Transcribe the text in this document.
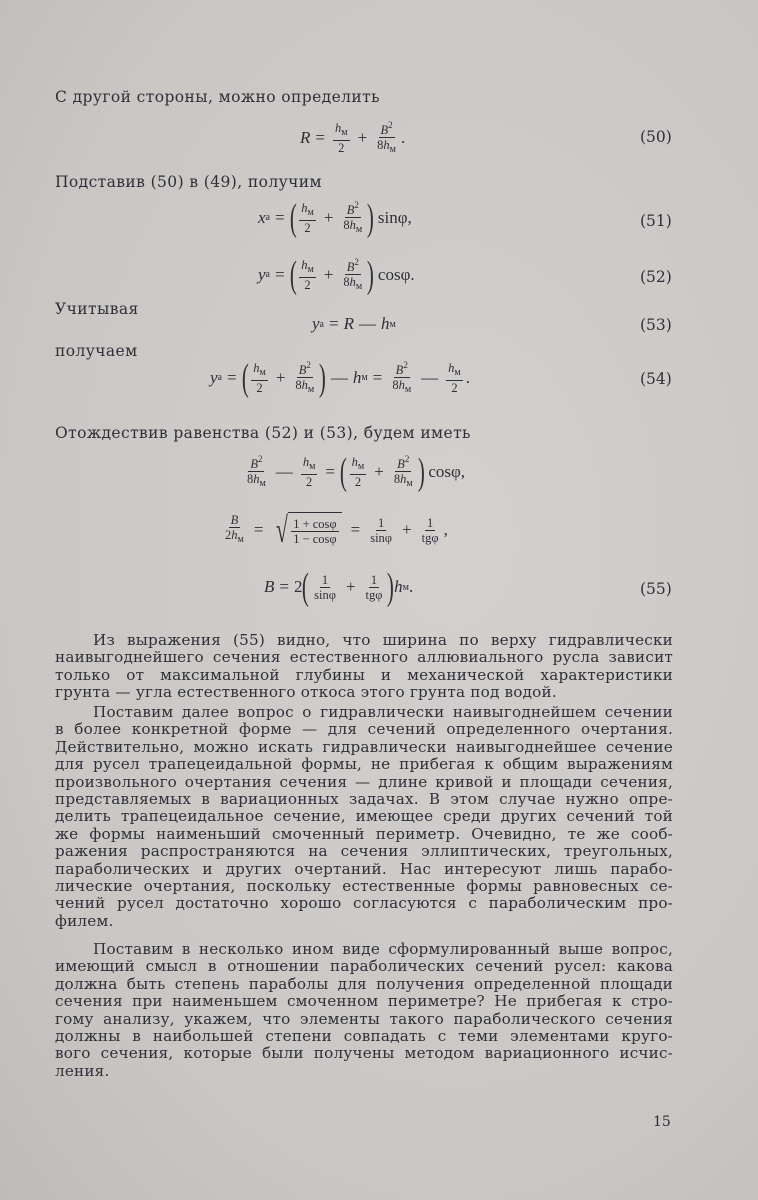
С другой стороны, можно определить
$R = \frac{h_м}{2} + \frac{B^2}{8h_м}$ .	(50)
Подставив (50) в (49), получим
x a = ( $\frac{h_м}{2} + \frac{B^2}{8h_м}$ ) sinφ,	(51)
y a = ( $\frac{h_м}{2} + \frac{B^2}{8h_м}$ ) cosφ.	(52)
Учитывая
y a = R — h м	(53)
получаем
y a = ( $\frac{h_м}{2} + \frac{B^2}{8h_м}$ ) — h $м = \frac{B^2}{8h_м}$ — $\frac{h_м}{2}$ .	(54)
Отождествив равенства (52) и (53), будем иметь
$\frac{B^2}{8h_м}$ — $\frac{h_м}{2}$ = ( $\frac{h_м}{2} + \frac{B^2}{8h_м}$ ) cosφ,
$\frac{B}{2h_м}$ = √ $\frac{1 + \cos\varphi}{1 - \cos\varphi} = \frac{1}{\sin\varphi} + \frac{1}{\text{tgφ}}$ ,
B = 2 ( $\frac{1}{\sin\varphi} + \frac{1}{\text{tgφ}}$ ) h м .	(55)
Из выражения (55) видно, что ширина по верху гидравлически
наивыгоднейшего сечения естественного аллювиального русла зависит
только от максимальной глубины и механической характеристики
грунта — угла естественного откоса этого грунта под водой.
Поставим далее вопрос о гидравлически наивыгоднейшем сечении
в более конкретной форме — для сечений определенного очертания.
Действительно, можно искать гидравлически наивыгоднейшее сечение
для русел трапецеидальной формы, не прибегая к общим выражениям
произвольного очертания сечения — длине кривой и площади сечения,
представляемых в вариационных задачах. В этом случае нужно опре-
делить трапецеидальное сечение, имеющее среди других сечений той
же формы наименьший смоченный периметр. Очевидно, те же сооб-
ражения распространяются на сечения эллиптических, треугольных,
параболических и других очертаний. Нас интересуют лишь парабо-
лические очертания, поскольку естественные формы равновесных се-
чений русел достаточно хорошо согласуются с параболическим про-
филем.
Поставим в несколько ином виде сформулированный выше вопрос,
имеющий смысл в отношении параболических сечений русел: какова
должна быть степень параболы для получения определенной площади
сечения при наименьшем смоченном периметре? Не прибегая к стро-
гому анализу, укажем, что элементы такого параболического сечения
должны в наибольшей степени совпадать с теми элементами круго-
вого сечения, которые были получены методом вариационного исчис-
ления.
15
